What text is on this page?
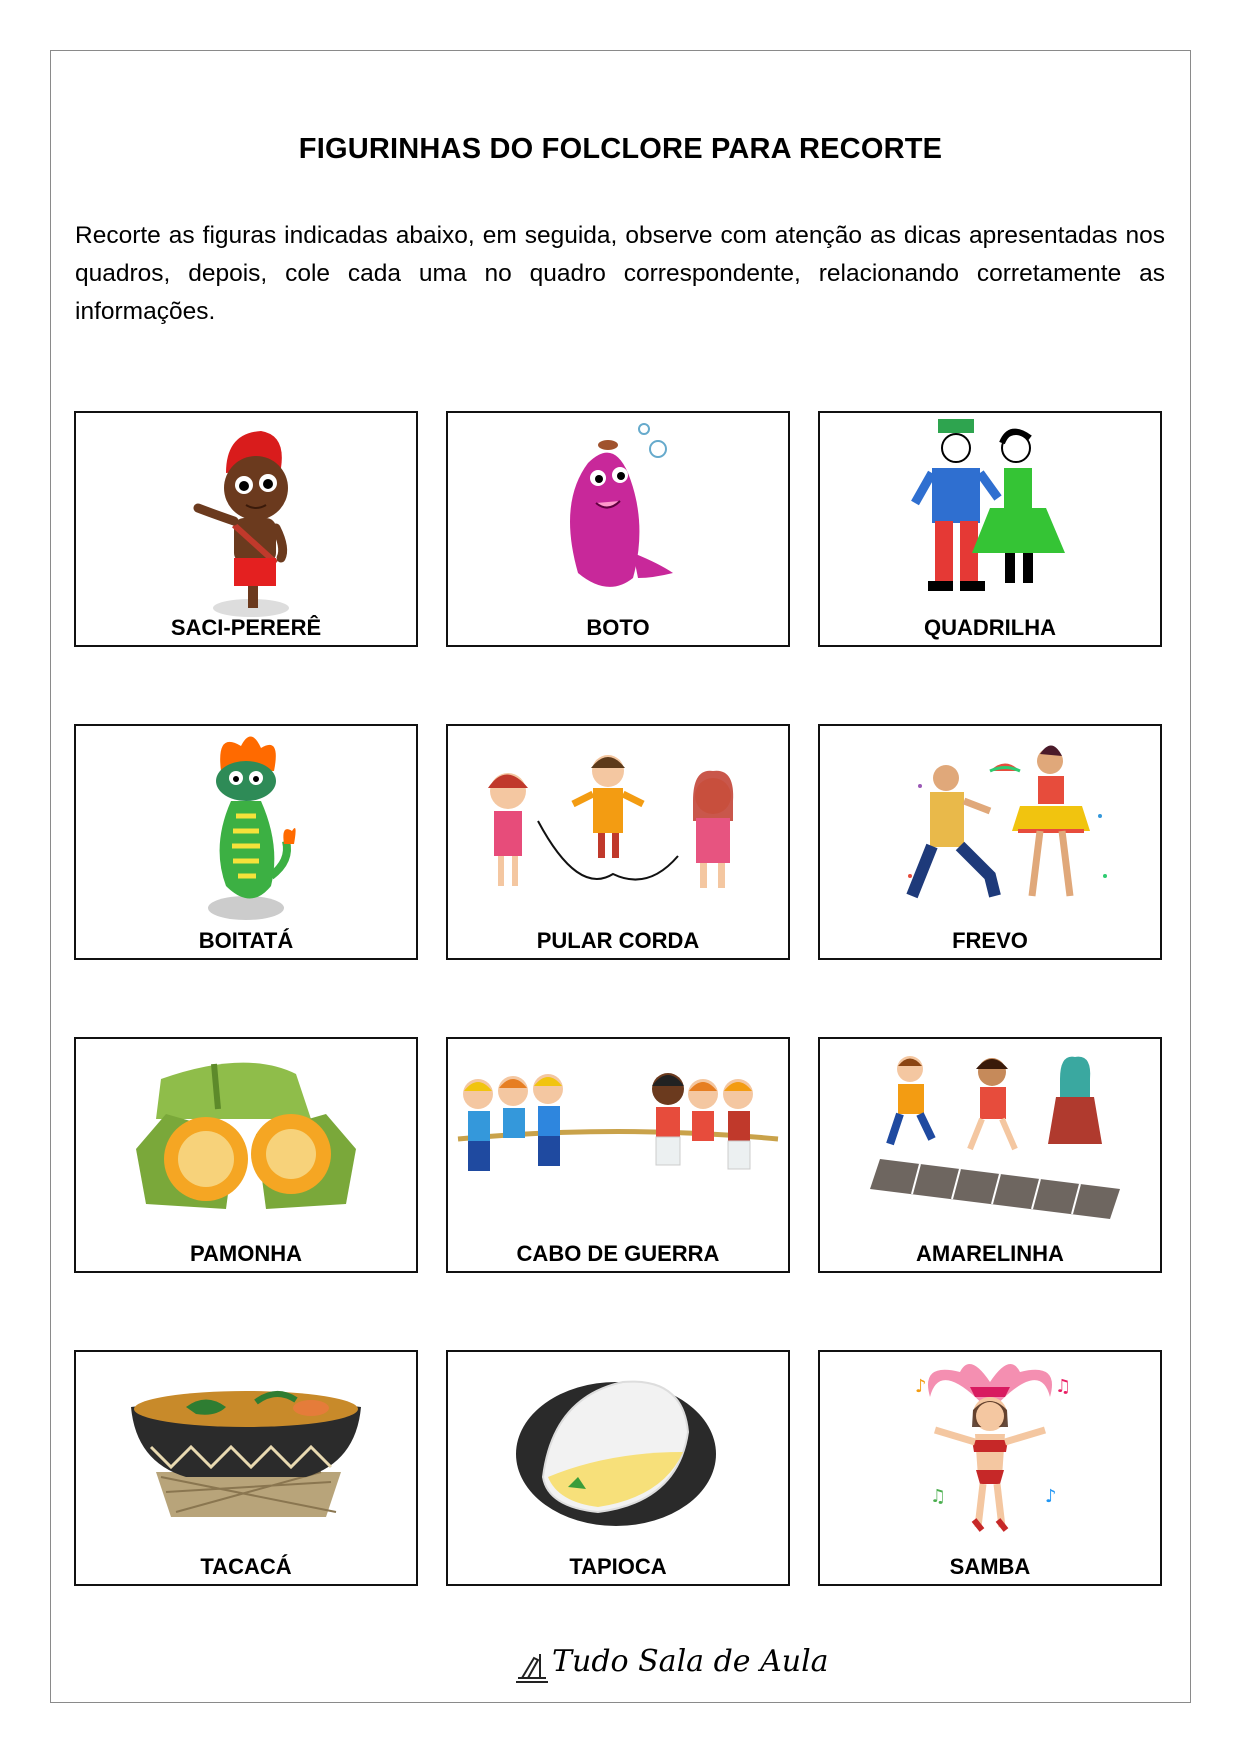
FIGURINHAS DO FOLCLORE PARA RECORTE
Recorte as figuras indicadas abaixo, em seguida, observe com atenção as dicas apresentadas nos quadros, depois, cole cada uma no quadro correspondente, relacionando corretamente as informações.
SACI-PERERÊ	BOTO	QUADRILHA
BOITATÁ	PULAR CORDA	FREVO
PAMONHA	CABO DE GUERRA	AMARELINHA
TACACÁ	TAPIOCA
♪	♫
♫	♪
SAMBA
Tudo Sala de Aula
